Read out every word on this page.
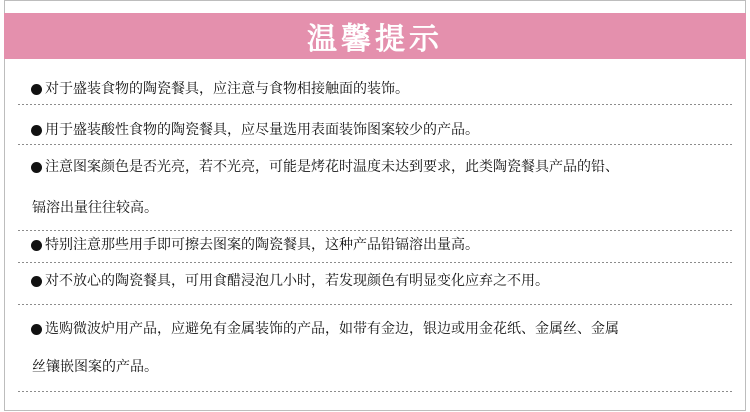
温馨提示
对于盛装食物的陶瓷餐具，应注意与食物相接触面的装饰。
用于盛装酸性食物的陶瓷餐具，应尽量选用表面装饰图案较少的产品。
注意图案颜色是否光亮，若不光亮，可能是烤花时温度未达到要求，此类陶瓷餐具产品的铅、
镉溶出量往往较高。
特别注意那些用手即可擦去图案的陶瓷餐具，这种产品铅镉溶出量高。
对不放心的陶瓷餐具，可用食醋浸泡几小时，若发现颜色有明显变化应弃之不用。
选购微波炉用产品，应避免有金属装饰的产品，如带有金边，银边或用金花纸、金属丝、金属
丝镶嵌图案的产品。
